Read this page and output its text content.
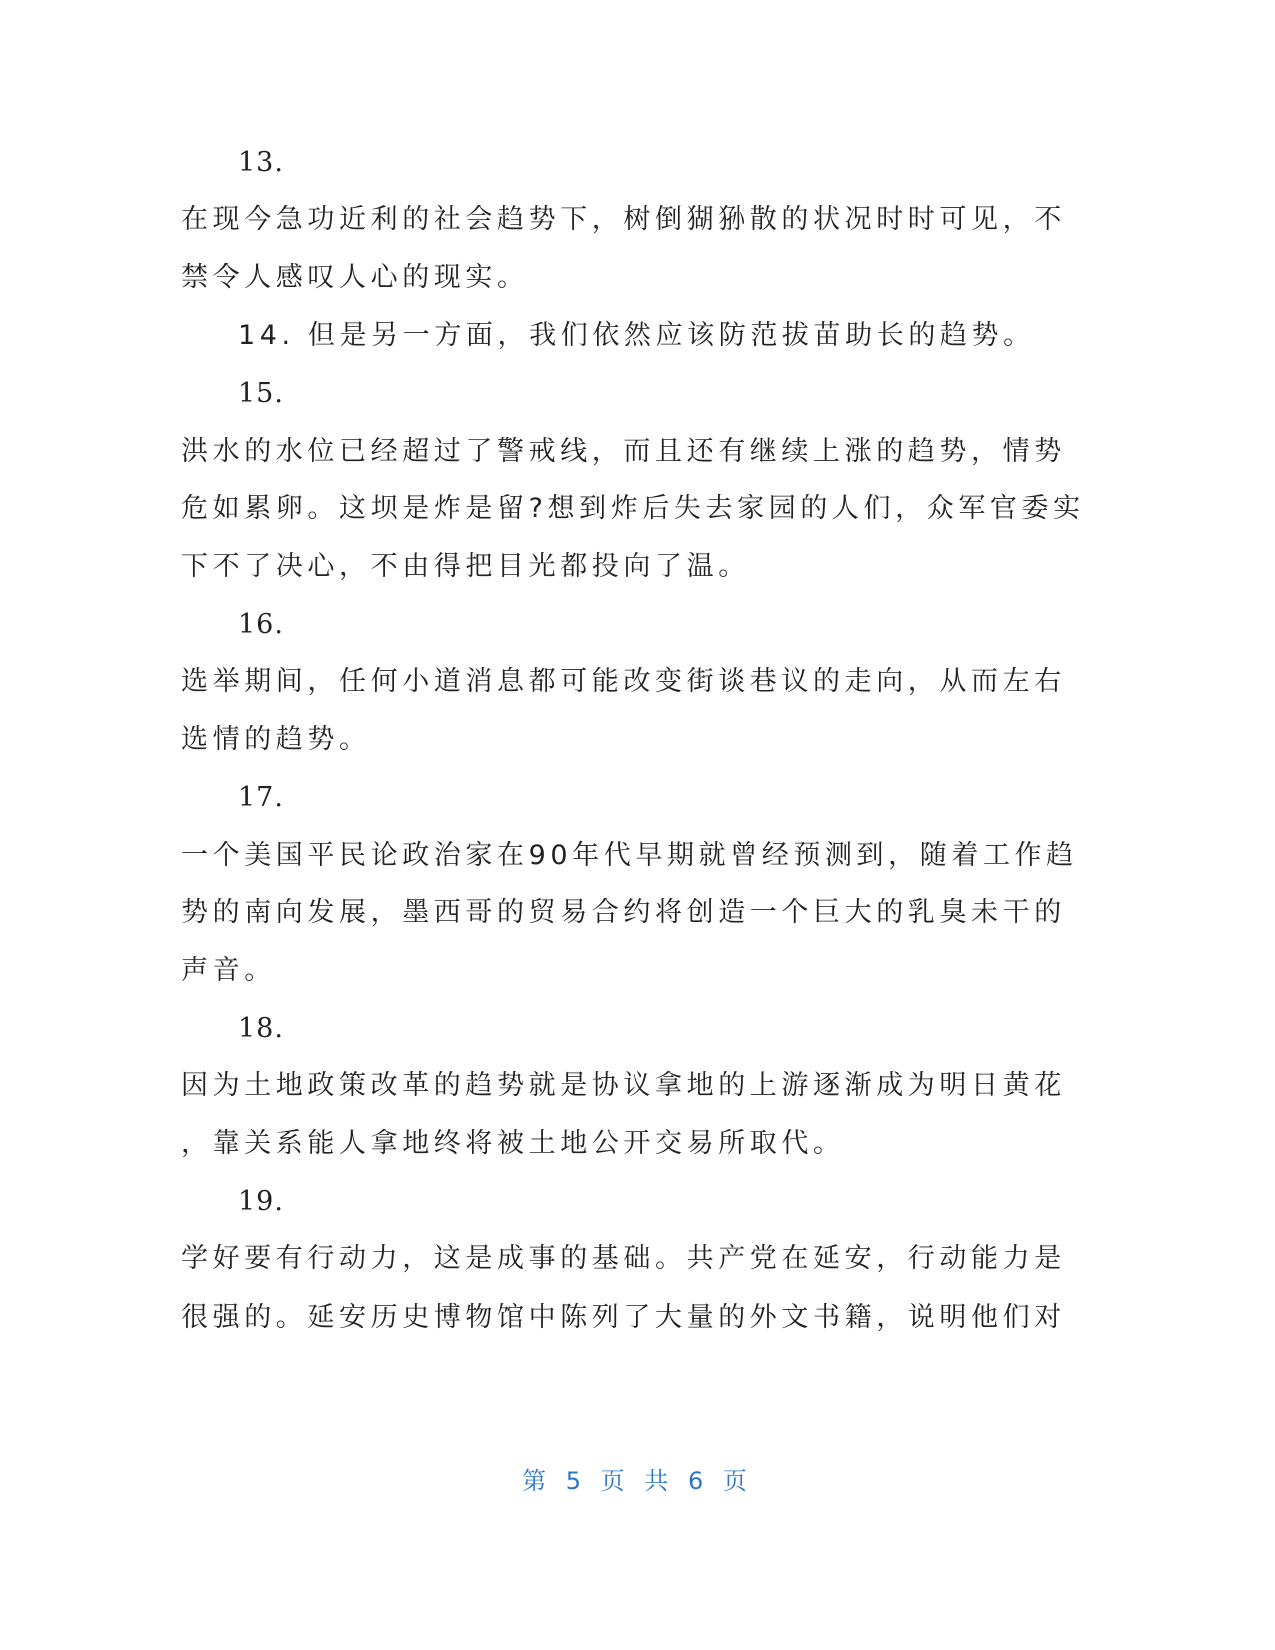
13.
在现今急功近利的社会趋势下，树倒猢狲散的状况时时可见，不
禁令人感叹人心的现实。
14. 但是另一方面，我们依然应该防范拔苗助长的趋势。
15.
洪水的水位已经超过了警戒线，而且还有继续上涨的趋势，情势
危如累卵。这坝是炸是留?想到炸后失去家园的人们，众军官委实
下不了决心，不由得把目光都投向了温。
16.
选举期间，任何小道消息都可能改变街谈巷议的走向，从而左右
选情的趋势。
17.
一个美国平民论政治家在90年代早期就曾经预测到，随着工作趋
势的南向发展，墨西哥的贸易合约将创造一个巨大的乳臭未干的
声音。
18.
因为土地政策改革的趋势就是协议拿地的上游逐渐成为明日黄花
，靠关系能人拿地终将被土地公开交易所取代。
19.
学好要有行动力，这是成事的基础。共产党在延安，行动能力是
很强的。延安历史博物馆中陈列了大量的外文书籍，说明他们对
第 5 页 共 6 页
